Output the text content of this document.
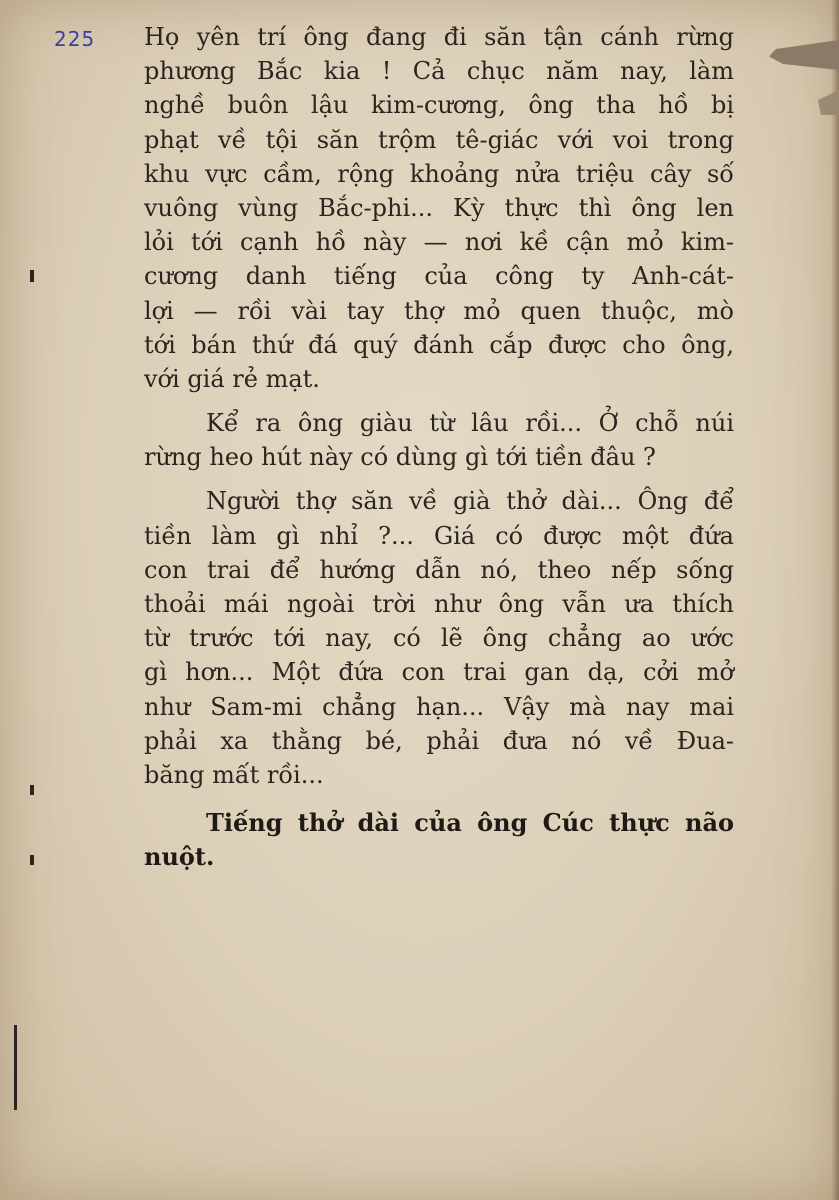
225 Họ yên trí ông đang đi săn tận cánh rừng
phương Bắc kia ! Cả chục năm nay, làm
nghề buôn lậu kim-cương, ông tha hồ bị
phạt về tội săn trộm tê-giác với voi trong
khu vực cầm, rộng khoảng nửa triệu cây số
vuông vùng Bắc-phi... Kỳ thực thì ông len
lỏi tới cạnh hồ này — nơi kề cận mỏ kim-
cương danh tiếng của công ty Anh-cát-
lợi — rồi vài tay thợ mỏ quen thuộc, mò
tới bán thứ đá quý đánh cắp được cho ông,
với giá rẻ mạt.
Kể ra ông giàu từ lâu rồi... Ở chỗ núi
rừng heo hút này có dùng gì tới tiền đâu ?
Người thợ săn về già thở dài... Ông để
tiền làm gì nhỉ ?... Giá có được một đứa
con trai để hướng dẫn nó, theo nếp sống
thoải mái ngoài trời như ông vẫn ưa thích
từ trước tới nay, có lẽ ông chẳng ao ước
gì hơn... Một đứa con trai gan dạ, cởi mở
như Sam-mi chẳng hạn... Vậy mà nay mai
phải xa thằng bé, phải đưa nó về Đua-
băng mất rồi...
Tiếng thở dài của ông Cúc thực não
nuột.
